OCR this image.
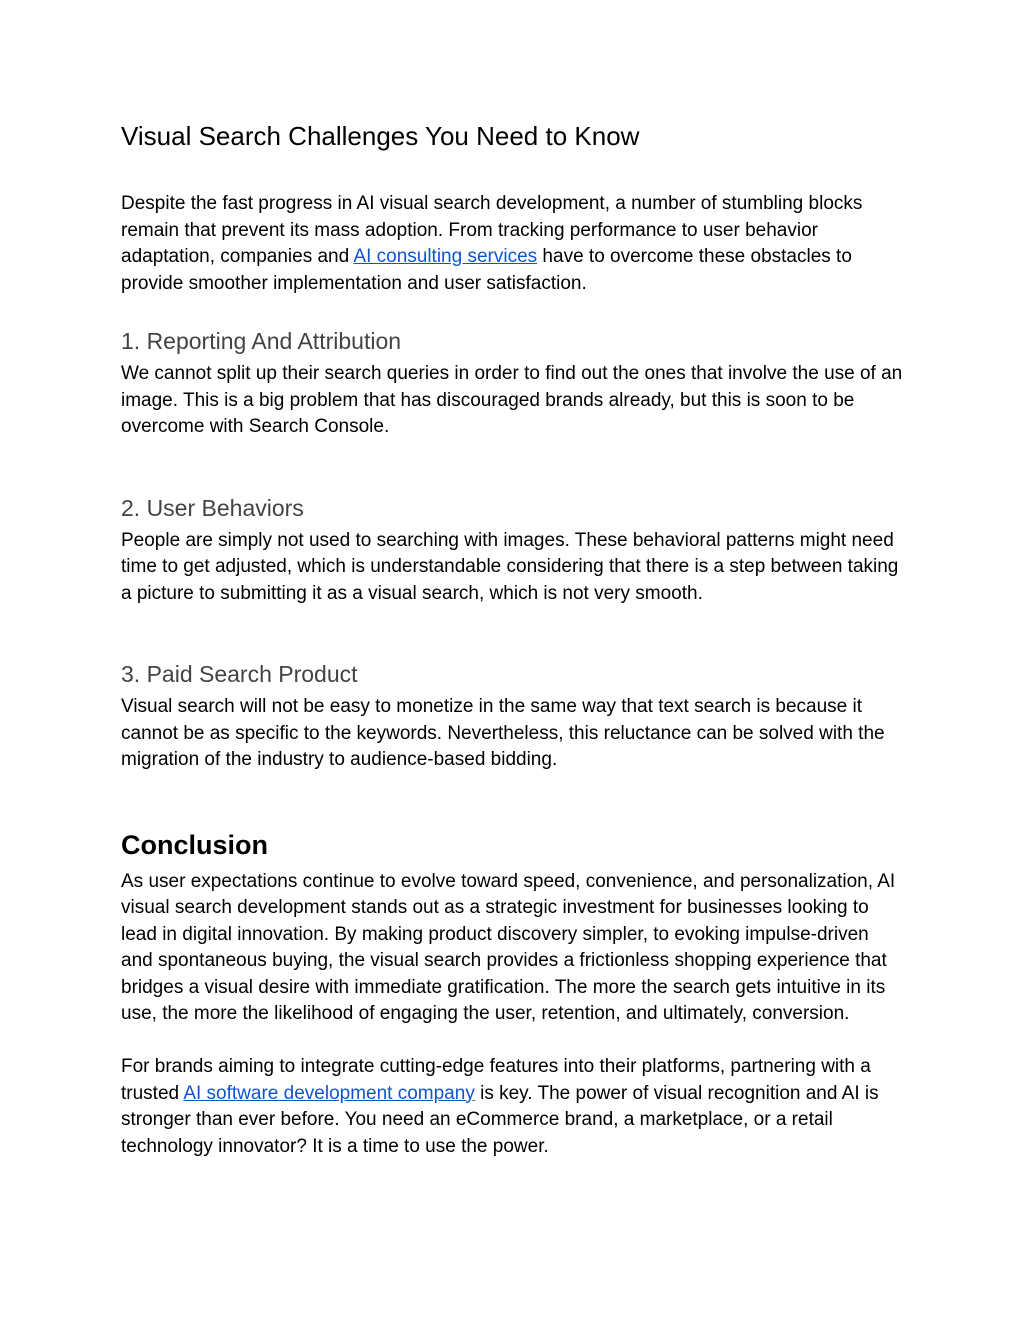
Visual Search Challenges You Need to Know

Despite the fast progress in AI visual search development, a number of stumbling blocks remain that prevent its mass adoption. From tracking performance to user behavior adaptation, companies and AI consulting services have to overcome these obstacles to provide smoother implementation and user satisfaction.

1. Reporting And Attribution

We cannot split up their search queries in order to find out the ones that involve the use of an image. This is a big problem that has discouraged brands already, but this is soon to be overcome with Search Console.

2. User Behaviors

People are simply not used to searching with images. These behavioral patterns might need time to get adjusted, which is understandable considering that there is a step between taking a picture to submitting it as a visual search, which is not very smooth.

3. Paid Search Product

Visual search will not be easy to monetize in the same way that text search is because it cannot be as specific to the keywords. Nevertheless, this reluctance can be solved with the migration of the industry to audience-based bidding.

Conclusion

As user expectations continue to evolve toward speed, convenience, and personalization, AI visual search development stands out as a strategic investment for businesses looking to lead in digital innovation. By making product discovery simpler, to evoking impulse-driven and spontaneous buying, the visual search provides a frictionless shopping experience that bridges a visual desire with immediate gratification. The more the search gets intuitive in its use, the more the likelihood of engaging the user, retention, and ultimately, conversion.

For brands aiming to integrate cutting-edge features into their platforms, partnering with a trusted AI software development company is key. The power of visual recognition and AI is stronger than ever before. You need an eCommerce brand, a marketplace, or a retail technology innovator? It is a time to use the power.
